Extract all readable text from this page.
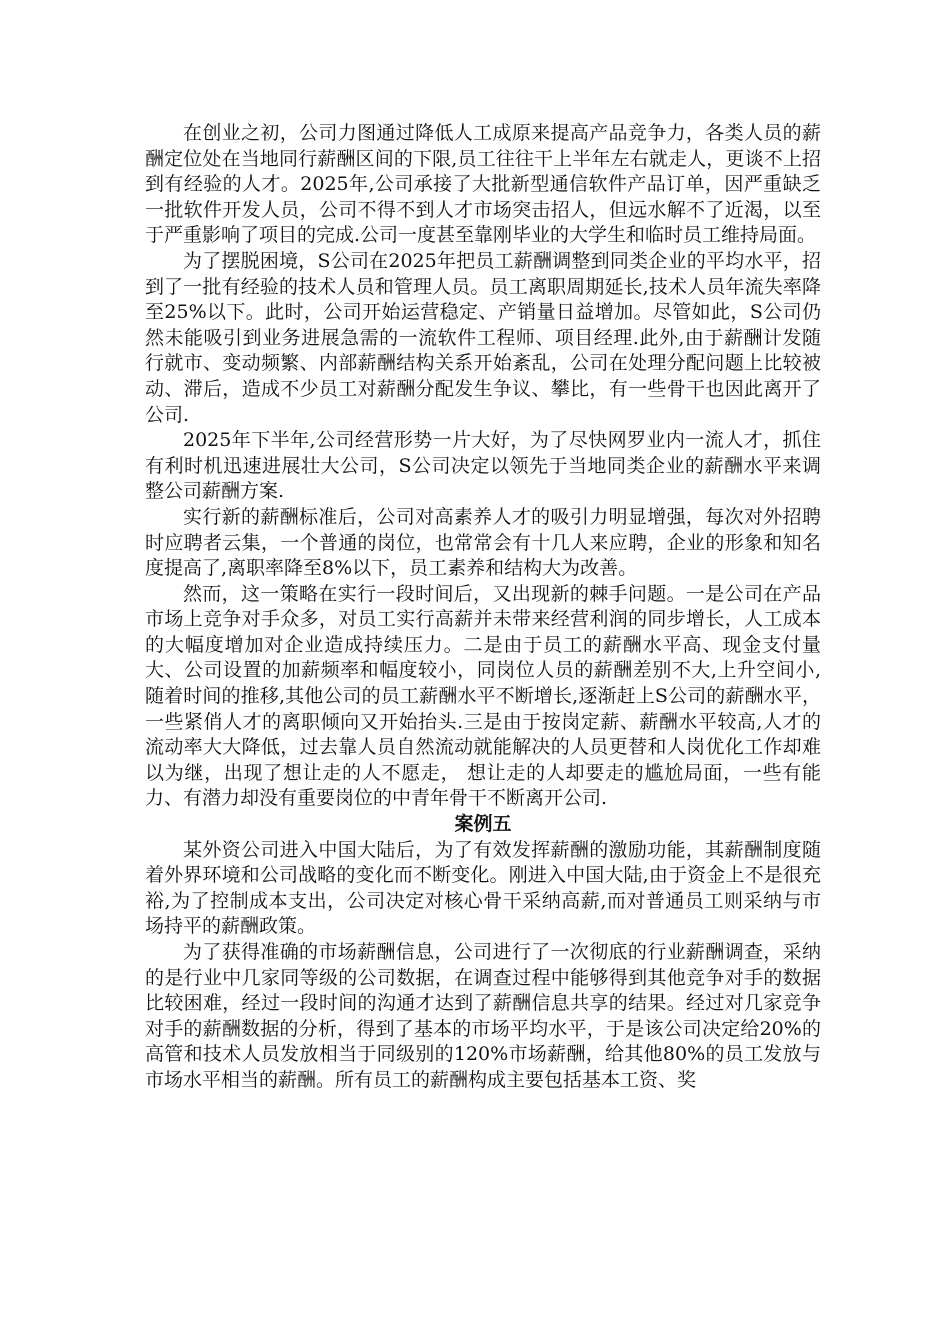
在创业之初，公司力图通过降低人工成原来提高产品竞争力，各类人员的薪酬定位处在当地同行薪酬区间的下限,员工往往干上半年左右就走人，更谈不上招到有经验的人才。2025年,公司承接了大批新型通信软件产品订单，因严重缺乏一批软件开发人员，公司不得不到人才市场突击招人，但远水解不了近渴，以至于严重影响了项目的完成.公司一度甚至靠刚毕业的大学生和临时员工维持局面。

为了摆脱困境，S公司在2025年把员工薪酬调整到同类企业的平均水平，招到了一批有经验的技术人员和管理人员。员工离职周期延长,技术人员年流失率降至25%以下。此时，公司开始运营稳定、产销量日益增加。尽管如此，S公司仍然未能吸引到业务进展急需的一流软件工程师、项目经理.此外,由于薪酬计发随行就市、变动频繁、内部薪酬结构关系开始紊乱，公司在处理分配问题上比较被动、滞后，造成不少员工对薪酬分配发生争议、攀比，有一些骨干也因此离开了公司.

2025年下半年,公司经营形势一片大好，为了尽快网罗业内一流人才，抓住有利时机迅速进展壮大公司，S公司决定以领先于当地同类企业的薪酬水平来调整公司薪酬方案.

实行新的薪酬标准后，公司对高素养人才的吸引力明显增强，每次对外招聘时应聘者云集，一个普通的岗位，也常常会有十几人来应聘，企业的形象和知名度提高了,离职率降至8%以下，员工素养和结构大为改善。

然而，这一策略在实行一段时间后，又出现新的棘手问题。一是公司在产品市场上竞争对手众多，对员工实行高薪并未带来经营利润的同步增长，人工成本的大幅度增加对企业造成持续压力。二是由于员工的薪酬水平高、现金支付量大、公司设置的加薪频率和幅度较小，同岗位人员的薪酬差别不大,上升空间小,随着时间的推移,其他公司的员工薪酬水平不断增长,逐渐赶上S公司的薪酬水平，一些紧俏人才的离职倾向又开始抬头.三是由于按岗定薪、薪酬水平较高,人才的流动率大大降低，过去靠人员自然流动就能解决的人员更替和人岗优化工作却难以为继，出现了想让走的人不愿走， 想让走的人却要走的尴尬局面，一些有能力、有潜力却没有重要岗位的中青年骨干不断离开公司.

案例五

某外资公司进入中国大陆后，为了有效发挥薪酬的激励功能，其薪酬制度随着外界环境和公司战略的变化而不断变化。刚进入中国大陆,由于资金上不是很充裕,为了控制成本支出，公司决定对核心骨干采纳高薪,而对普通员工则采纳与市场持平的薪酬政策。

为了获得准确的市场薪酬信息，公司进行了一次彻底的行业薪酬调查，采纳的是行业中几家同等级的公司数据，在调查过程中能够得到其他竞争对手的数据比较困难，经过一段时间的沟通才达到了薪酬信息共享的结果。经过对几家竞争对手的薪酬数据的分析，得到了基本的市场平均水平，于是该公司决定给20%的高管和技术人员发放相当于同级别的120%市场薪酬，给其他80%的员工发放与市场水平相当的薪酬。所有员工的薪酬构成主要包括基本工资、奖
